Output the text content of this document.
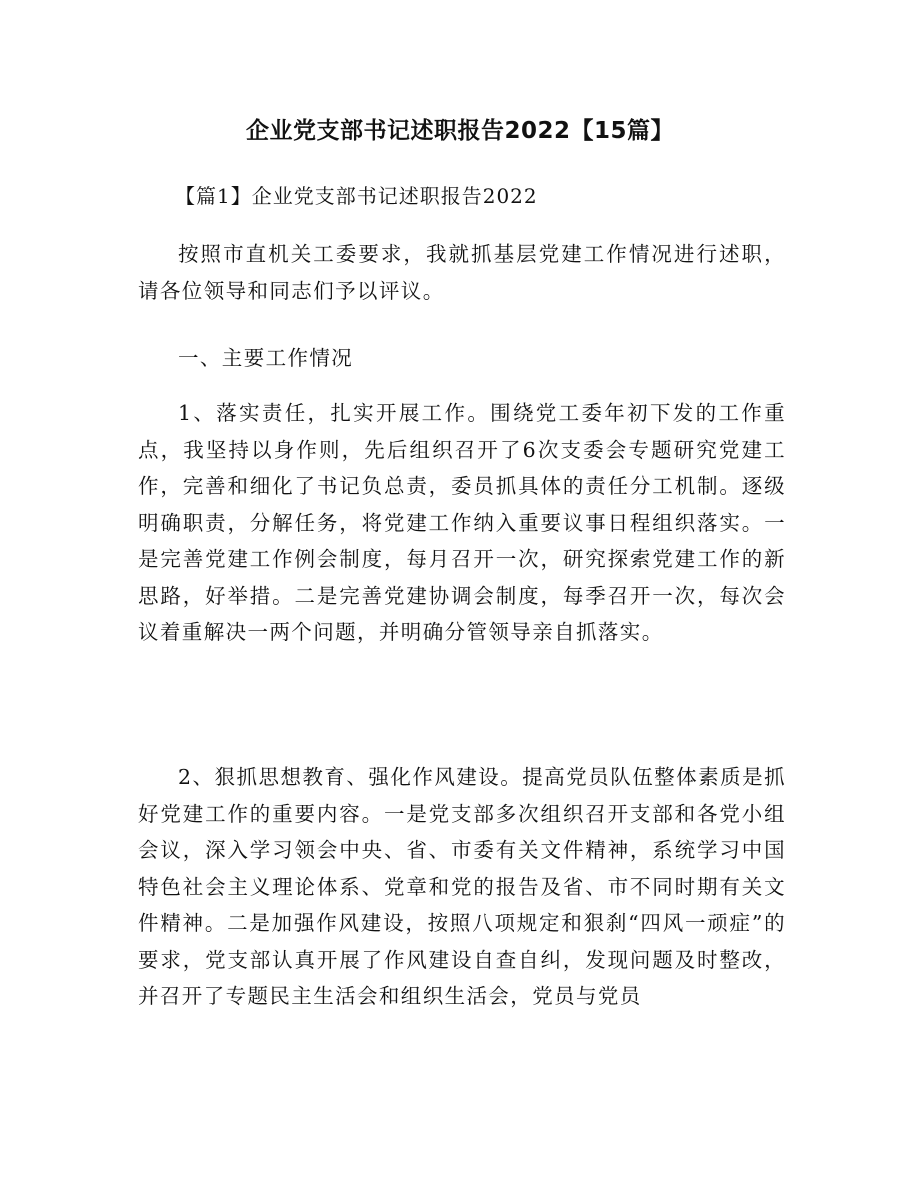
企业党支部书记述职报告2022【15篇】
【篇1】企业党支部书记述职报告2022

按照市直机关工委要求，我就抓基层党建工作情况进行述职，请各位领导和同志们予以评议。

一、主要工作情况

1、落实责任，扎实开展工作。围绕党工委年初下发的工作重点，我坚持以身作则，先后组织召开了6次支委会专题研究党建工作，完善和细化了书记负总责，委员抓具体的责任分工机制。逐级明确职责，分解任务，将党建工作纳入重要议事日程组织落实。一是完善党建工作例会制度，每月召开一次，研究探索党建工作的新思路，好举措。二是完善党建协调会制度，每季召开一次，每次会议着重解决一两个问题，并明确分管领导亲自抓落实。

2、狠抓思想教育、强化作风建设。提高党员队伍整体素质是抓好党建工作的重要内容。一是党支部多次组织召开支部和各党小组会议，深入学习领会中央、省、市委有关文件精神，系统学习中国特色社会主义理论体系、党章和党的报告及省、市不同时期有关文件精神。二是加强作风建设，按照八项规定和狠刹“四风一顽症”的要求，党支部认真开展了作风建设自查自纠，发现问题及时整改，并召开了专题民主生活会和组织生活会，党员与党员
